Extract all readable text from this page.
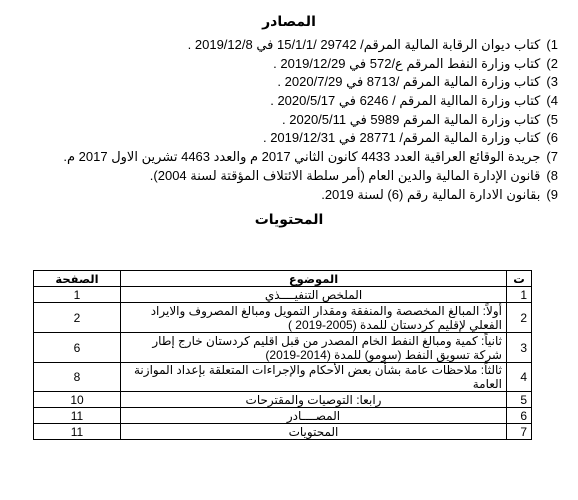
المصادر
1) كتاب ديوان الرقابة المالية المرقم/ 29742 /15/1/1 في 2019/12/8 .
2) كتاب وزارة النفط المرقم ع/572 في 2019/12/29 .
3) كتاب وزارة المالية المرقم /8713 في 2020/7/29 .
4) كتاب وزارة الماالية المرقم / 6246 في 2020/5/17 .
5) كتاب وزارة المالية المرقم 5989 في 2020/5/11 .
6) كتاب وزارة المالية المرقم/ 28771 في 2019/12/31 .
7) جريدة الوقائع العراقية العدد 4433 كانون الثاني 2017 م والعدد 4463 تشرين الاول 2017 م.
8) قانون الإدارة المالية والدين العام (أمر سلطة الائتلاف المؤقتة لسنة 2004).
9) بقانون الادارة المالية رقم (6) لسنة 2019.
المحتويات
ت	الموضوع	الصفحة
1	الملخص التنفيــــذي	1
2	أولاً: المبالغ المخصصة والمنفقة ومقدار التمويل ومبالغ المصروف والايراد الفعلي لإقليم كردستان للمدة (2005-2019 )	2
3	ثانياً: كمية ومبالغ النفط الخام المصدر من قبل اقليم كردستان خارج إطار شركة تسويق النفط (سومو) للمدة (2014-2019)	6
4	ثالثاً: ملاحظات عامة بشأن بعض الأحكام والإجراءات المتعلقة بإعداد الموازنة العامة	8
5	رابعا: التوصيات والمقترحات	10
6	المصــــادر	11
7	المحتويات	11
